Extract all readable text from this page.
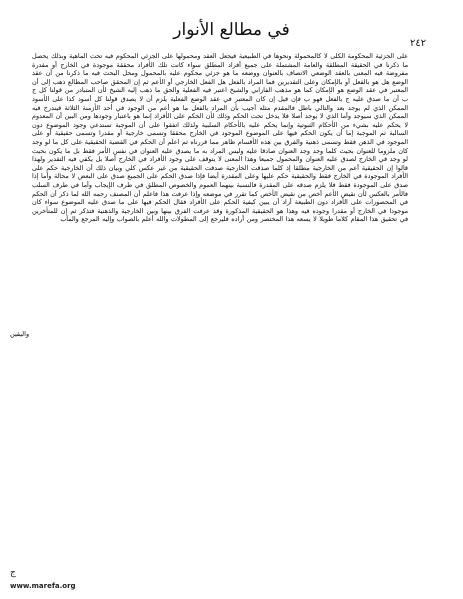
في مطالع الأنوار
٢٤٢

على الجزئية المحكومة الكلى لا كالمحمولة ونحوها في الطبيعية فيجعل العقد ومحمولها على الجزئي المحكوم فيه تحت الماهية وبذلك يحصل ما ذكرنا في الحقيقة المطلقة والعامة المشتملة على جميع أفراد المطلق سواء كانت تلك الأفراد محققة موجودة في الخارج أو مقدرة مفروضة فيه المعنى بالعقد الوضعي الاتصاف بالعنوان ووضعه ما هو جزئي محكوم عليه بالمحمول ومحل البحث فيه ما ذكرنا من أن عقد الوضع هل هو بالفعل أو بالإمكان وعلى التقديرين فما المراد بالفعل هل الفعل الخارجي أو الأعم ثم إن المحقق صاحب المطالع ذهب إلى أن المعتبر في عقد الوضع هو الإمكان كما هو مذهب الفارابي والشيخ اعتبر فيه الفعلية والحق ما ذهب إليه الشيخ لأن المتبادر من قولنا كل ج ب أن ما صدق عليه ج بالفعل فهو ب فإن قيل إن كان المعتبر في عقد الوضع الفعلية يلزم أن لا يصدق قولنا كل أسود كذا على الأسود الممكن الذي لم يوجد بعد والتالي باطل فالمقدم مثله أجيب بأن المراد بالفعل ما هو أعم من الوجود في أحد الأزمنة الثلاثة فيندرج فيه الممكن الذي سيوجد وأما الذي لا يوجد أصلا فلا يدخل تحت الحكم وذلك لأن الحكم على الأفراد إنما هو باعتبار وجودها ومن البين أن المعدوم لا يحكم عليه بشيء من الأحكام الثبوتية وإنما يحكم عليه بالأحكام السلبية ولذلك اتفقوا على أن الموجبة تستدعي وجود الموضوع دون السالبة ثم الموجبة إما أن يكون الحكم فيها على الموضوع الموجود في الخارج محققا وتسمى خارجية أو مقدرا وتسمى حقيقية أو على الموجود في الذهن فقط وتسمى ذهنية والفرق بين هذه الأقسام ظاهر مما قررناه ثم اعلم أن الحكم في القضية الحقيقية على كل ما لو وجد كان ملزوما للعنوان بحيث كلما وجد وجد العنوان صادقا عليه وليس المراد به ما يصدق عليه العنوان في نفس الأمر فقط بل ما يكون بحيث لو وجد في الخارج لصدق عليه العنوان والمحمول جميعا وهذا المعنى لا يتوقف على وجود الأفراد في الخارج أصلا بل يكفي فيه التقدير ولهذا قالوا إن الحقيقية أعم من الخارجية مطلقا إذ كلما صدقت الخارجية صدقت الحقيقية من غير عكس كلي وبيان ذلك أن الخارجية حكم على الأفراد الموجودة في الخارج فقط والحقيقية حكم عليها وعلى المقدرة أيضا فإذا صدق الحكم على الجميع صدق على البعض لا محالة وأما إذا صدق على الموجودة فقط فلا يلزم صدقه على المقدرة فالنسبة بينهما العموم والخصوص المطلق في طرف الإيجاب وأما في طرف السلب فالأمر بالعكس لأن نقيض الأعم أخص من نقيض الأخص كما تقرر في موضعه وإذا عرفت هذا فاعلم أن المصنف رحمه الله لما ذكر أن الحكم في المحصورات على الأفراد دون الطبيعة أراد أن يبين كيفية الحكم على الأفراد فقال الحكم فيها على ما صدق عليه الموضوع سواء كان موجودا في الخارج أو مقدرا وجوده فيه وهذا هو الحقيقية المذكورة وقد عرفت الفرق بينها وبين الخارجية والذهنية فتذكر ثم إن للمتأخرين في تحقيق هذا المقام كلاما طويلا لا يسعه هذا المختصر ومن أراده فليرجع إلى المطولات والله أعلم بالصواب وإليه المرجع والمآب

واليقين
ج
www.marefa.org
